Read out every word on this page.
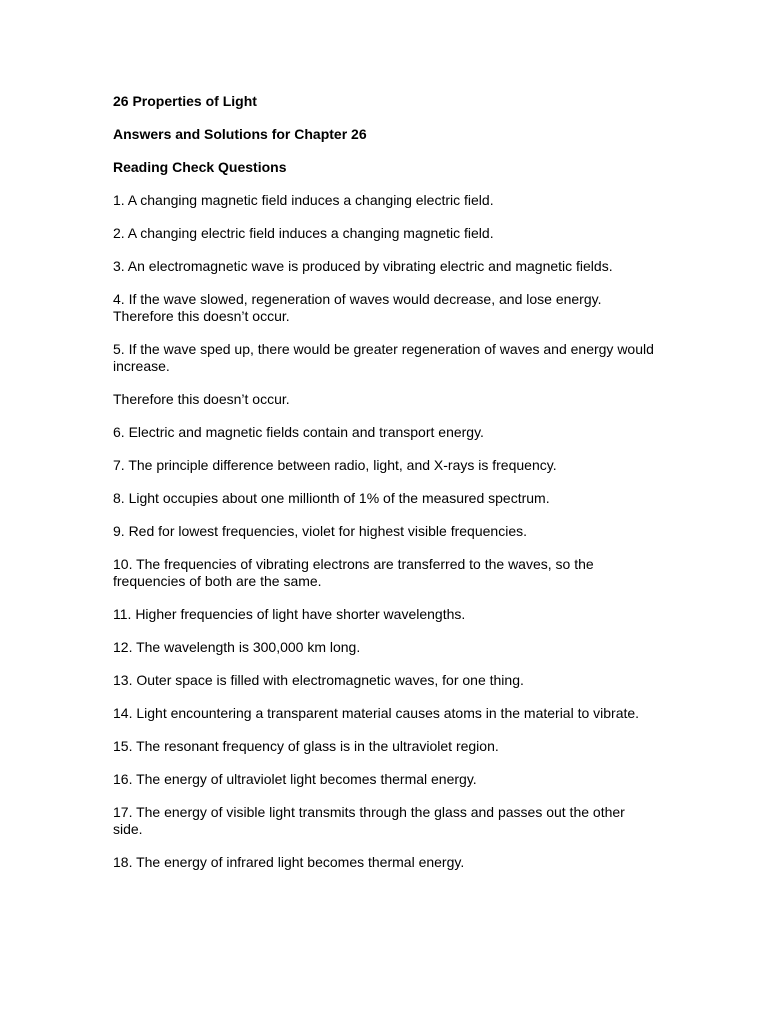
26 Properties of Light
Answers and Solutions for Chapter 26
Reading Check Questions
1. A changing magnetic field induces a changing electric field.
2. A changing electric field induces a changing magnetic field.
3. An electromagnetic wave is produced by vibrating electric and magnetic fields.
4. If the wave slowed, regeneration of waves would decrease, and lose energy. Therefore this doesn’t occur.
5. If the wave sped up, there would be greater regeneration of waves and energy would increase.
Therefore this doesn’t occur.
6. Electric and magnetic fields contain and transport energy.
7. The principle difference between radio, light, and X-rays is frequency.
8. Light occupies about one millionth of 1% of the measured spectrum.
9. Red for lowest frequencies, violet for highest visible frequencies.
10. The frequencies of vibrating electrons are transferred to the waves, so the frequencies of both are the same.
11. Higher frequencies of light have shorter wavelengths.
12. The wavelength is 300,000 km long.
13. Outer space is filled with electromagnetic waves, for one thing.
14. Light encountering a transparent material causes atoms in the material to vibrate.
15. The resonant frequency of glass is in the ultraviolet region.
16. The energy of ultraviolet light becomes thermal energy.
17. The energy of visible light transmits through the glass and passes out the other side.
18. The energy of infrared light becomes thermal energy.
